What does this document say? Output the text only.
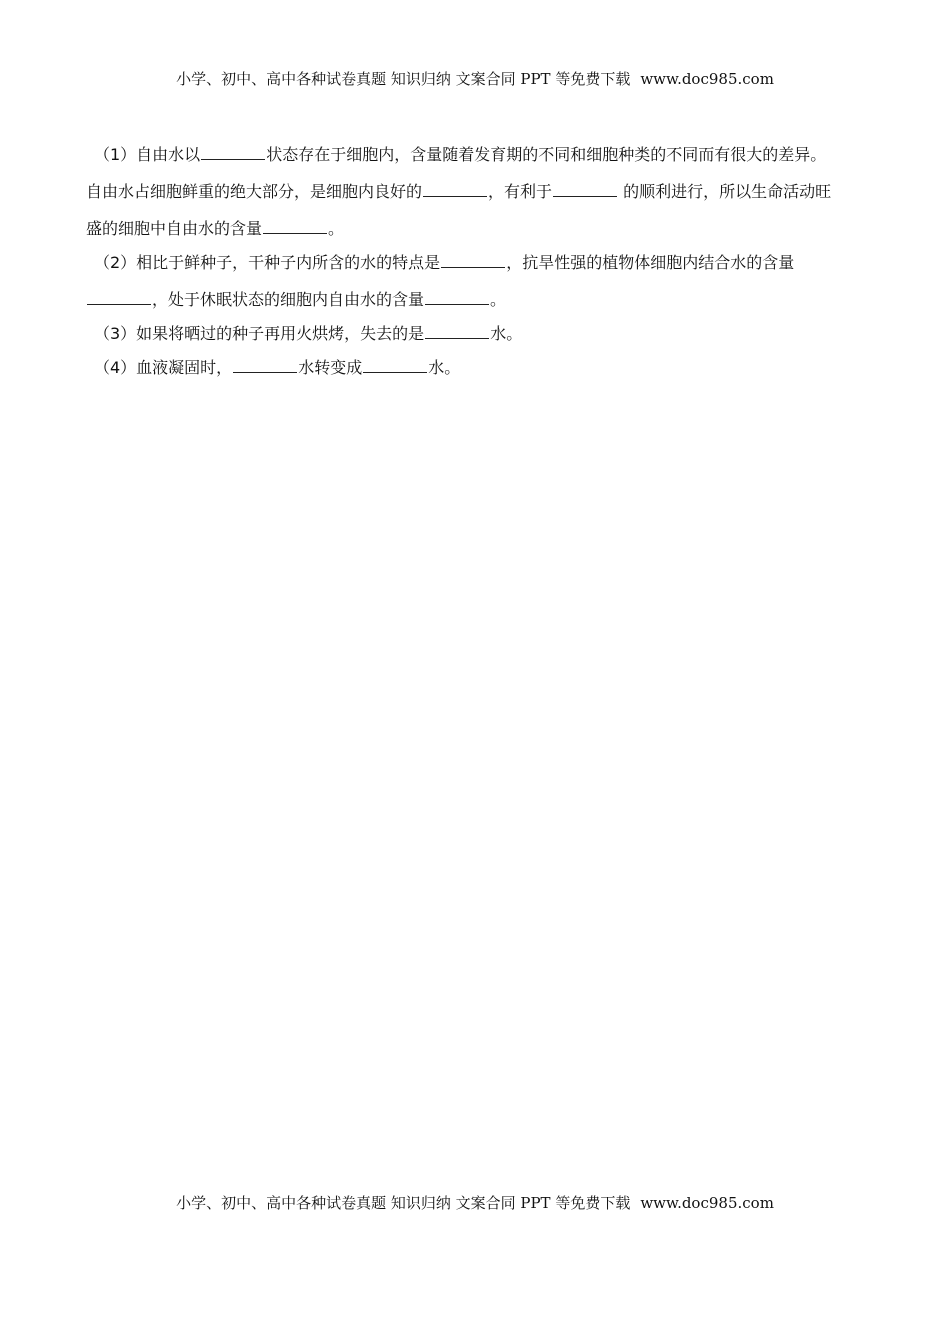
小学、初中、高中各种试卷真题 知识归纳 文案合同 PPT 等免费下载 www.doc985.com
（1）自由水以	状态存在于细胞内，含量随着发育期的不同和细胞种类的不同而有很大的差异。
自由水占细胞鲜重的绝大部分，是细胞内良好的	，有利于	的顺利进行，所以生命活动旺
盛的细胞中自由水的含量	。
（2）相比于鲜种子，干种子内所含的水的特点是	，抗旱性强的植物体细胞内结合水的含量
，处于休眠状态的细胞内自由水的含量	。
（3）如果将晒过的种子再用火烘烤，失去的是	水。
（4）血液凝固时，	水转变成	水。
小学、初中、高中各种试卷真题 知识归纳 文案合同 PPT 等免费下载 www.doc985.com
